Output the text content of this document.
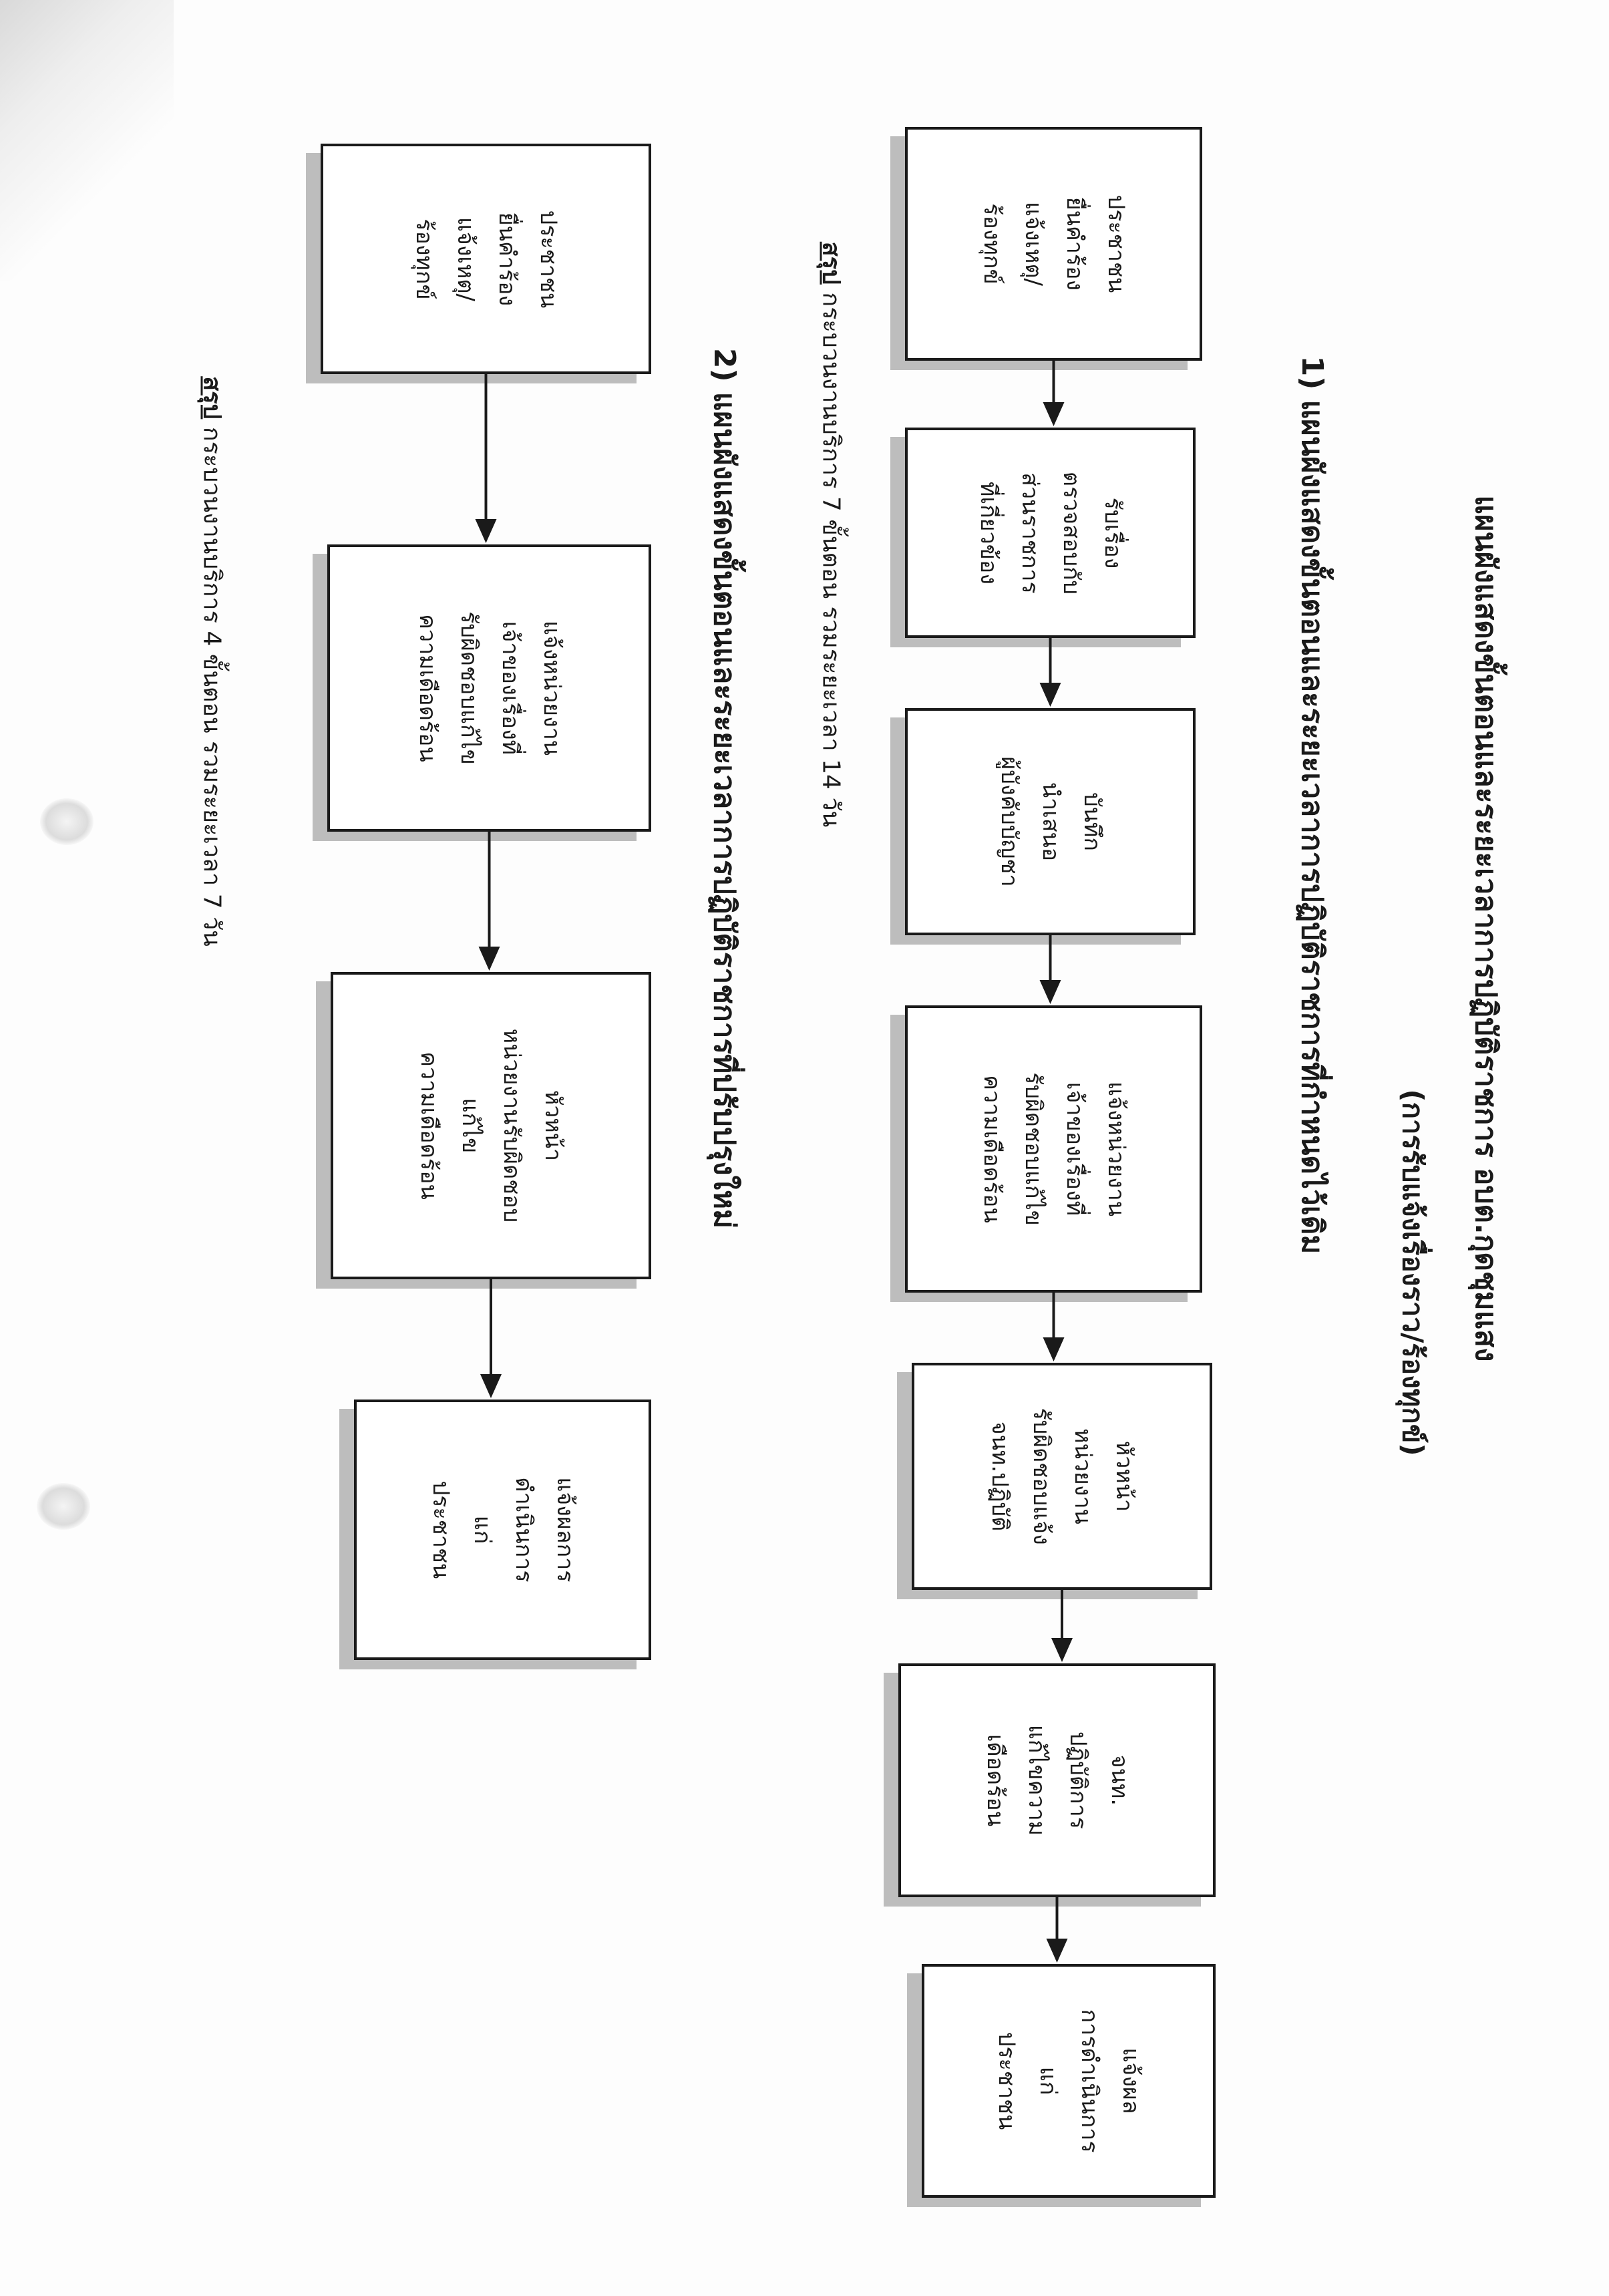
แผนผังแสดงขั้นตอนและระยะเวลาการปฏิบัติราชการ อบต.กุดชุมแสง
(การรับแจ้งเรื่องราว/ร้องทุกข์)
1) แผนผังแสดงขั้นตอนและระยะเวลาการปฏิบัติราชการที่กำหนดไว้เดิม
2) แผนผังแสดงขั้นตอนและระยะเวลาการปฏิบัติราชการที่ปรับปรุงใหม่
สรุป กระบวนงานบริการ 7 ขั้นตอน รวมระยะเวลา 14 วัน
สรุป กระบวนงานบริการ 4 ขั้นตอน รวมระยะเวลา 7 วัน
ประชาชน
ยื่นคำร้อง
แจ้งเหตุ/
ร้องทุกข์
รับเรื่อง
ตรวจสอบกับ
ส่วนราชการ
ที่เกี่ยวข้อง
บันทึก
นำเสนอ
ผู้บังคับบัญชา
แจ้งหน่วยงาน
เจ้าของเรื่องที่
รับผิดชอบแก้ไข
ความเดือดร้อน
หัวหน้า
หน่วยงาน
รับผิดชอบแจ้ง
จนท.ปฏิบัติ
จนท.
ปฏิบัติการ
แก้ไขความ
เดือดร้อน
แจ้งผล
การดำเนินการ
แก่
ประชาชน
ประชาชน
ยื่นคำร้อง
แจ้งเหตุ/
ร้องทุกข์
แจ้งหน่วยงาน
เจ้าของเรื่องที่
รับผิดชอบแก้ไข
ความเดือดร้อน
หัวหน้า
หน่วยงานรับผิดชอบ
แก้ไข
ความเดือดร้อน
แจ้งผลการ
ดำเนินการ
แก่
ประชาชน
